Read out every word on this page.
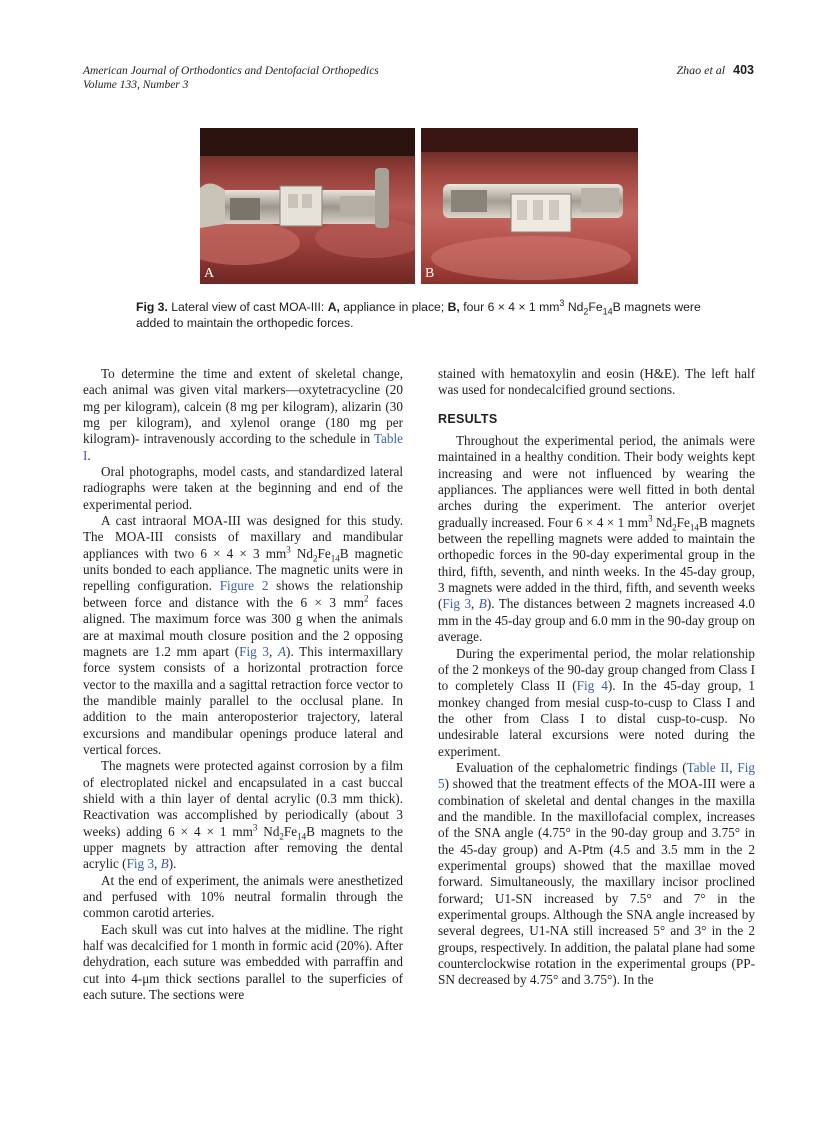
American Journal of Orthodontics and Dentofacial Orthopedics
Volume 133, Number 3
Zhao et al 403
A	B
Fig 3. Lateral view of cast MOA-III: A, appliance in place; B, four 6 × 4 × 1 $mm^3$ $Nd_2Fe_{14}B$ magnets were added to maintain the orthopedic forces.

To determine the time and extent of skeletal change, each animal was given vital markers—oxytetracycline (20 mg per kilogram), calcein (8 mg per kilogram), alizarin (30 mg per kilogram), and xylenol orange (180 mg per kilogram)- intravenously according to the schedule in Table I.

Oral photographs, model casts, and standardized lateral radiographs were taken at the beginning and end of the experimental period.

A cast intraoral MOA-III was designed for this study. The MOA-III consists of maxillary and mandibular appliances with two 6 × 4 × 3 $mm^3$ $Nd_2Fe_{14}B$ magnetic units bonded to each appliance. The magnetic units were in repelling configuration. Figure 2 shows the relationship between force and distance with the 6 × 3 $mm^2$ faces aligned. The maximum force was 300 g when the animals are at maximal mouth closure position and the 2 opposing magnets are 1.2 mm apart (Fig 3, A). This intermaxillary force system consists of a horizontal protraction force vector to the maxilla and a sagittal retraction force vector to the mandible mainly parallel to the occlusal plane. In addition to the main anteroposterior trajectory, lateral excursions and mandibular openings produce lateral and vertical forces.

The magnets were protected against corrosion by a film of electroplated nickel and encapsulated in a cast buccal shield with a thin layer of dental acrylic (0.3 mm thick). Reactivation was accomplished by periodically (about 3 weeks) adding 6 × 4 × 1 $mm^3$ $Nd_2Fe_{14}B$ magnets to the upper magnets by attraction after removing the dental acrylic (Fig 3, B).

At the end of experiment, the animals were anesthetized and perfused with 10% neutral formalin through the common carotid arteries.

Each skull was cut into halves at the midline. The right half was decalcified for 1 month in formic acid (20%). After dehydration, each suture was embedded with parraffin and cut into 4-μm thick sections parallel to the superficies of each suture. The sections were

stained with hematoxylin and eosin (H&E). The left half was used for nondecalcified ground sections.

RESULTS

Throughout the experimental period, the animals were maintained in a healthy condition. Their body weights kept increasing and were not influenced by wearing the appliances. The appliances were well fitted in both dental arches during the experiment. The anterior overjet gradually increased. Four 6 × 4 × 1 $mm^3$ $Nd_2Fe_{14}B$ magnets between the repelling magnets were added to maintain the orthopedic forces in the 90-day experimental group in the third, fifth, seventh, and ninth weeks. In the 45-day group, 3 magnets were added in the third, fifth, and seventh weeks (Fig 3, B). The distances between 2 magnets increased 4.0 mm in the 45-day group and 6.0 mm in the 90-day group on average.

During the experimental period, the molar relationship of the 2 monkeys of the 90-day group changed from Class I to completely Class II (Fig 4). In the 45-day group, 1 monkey changed from mesial cusp-to-cusp to Class I and the other from Class I to distal cusp-to-cusp. No undesirable lateral excursions were noted during the experiment.

Evaluation of the cephalometric findings (Table II, Fig 5) showed that the treatment effects of the MOA-III were a combination of skeletal and dental changes in the maxilla and the mandible. In the maxillofacial complex, increases of the SNA angle (4.75° in the 90-day group and 3.75° in the 45-day group) and A-Ptm (4.5 and 3.5 mm in the 2 experimental groups) showed that the maxillae moved forward. Simultaneously, the maxillary incisor proclined forward; U1-SN increased by 7.5° and 7° in the experimental groups. Although the SNA angle increased by several degrees, U1-NA still increased 5° and 3° in the 2 groups, respectively. In addition, the palatal plane had some counterclockwise rotation in the experimental groups (PP-SN decreased by 4.75° and 3.75°). In the
